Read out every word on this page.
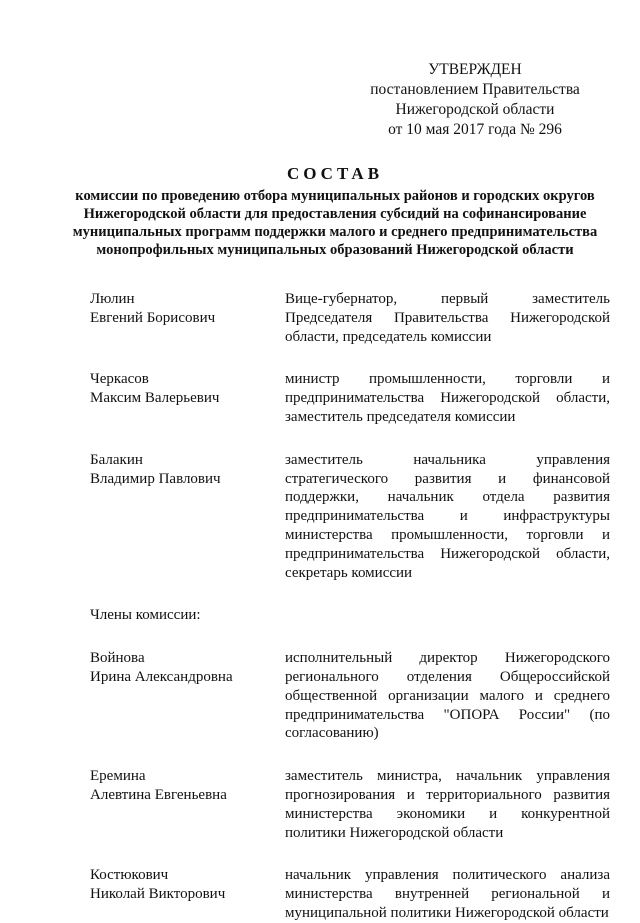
УТВЕРЖДЕН
постановлением Правительства
Нижегородской области
от 10 мая 2017 года № 296
СОСТАВ
комиссии по проведению отбора муниципальных районов и городских округов Нижегородской области для предоставления субсидий на софинансирование муниципальных программ поддержки малого и среднего предпринимательства монопрофильных муниципальных образований Нижегородской области
Люлин
Евгений Борисович
Вице-губернатор, первый заместитель Председателя Правительства Нижегородской области, председатель комиссии
Черкасов
Максим Валерьевич
министр промышленности, торговли и предпринимательства Нижегородской области, заместитель председателя комиссии
Балакин
Владимир Павлович
заместитель начальника управления стратегического развития и финансовой поддержки, начальник отдела развития предпринимательства и инфраструктуры министерства промышленности, торговли и предпринимательства Нижегородской области, секретарь комиссии
Члены комиссии:
Войнова
Ирина Александровна
исполнительный директор Нижегородского регионального отделения Общероссийской общественной организации малого и среднего предпринимательства "ОПОРА России" (по согласованию)
Еремина
Алевтина Евгеньевна
заместитель министра, начальник управления прогнозирования и территориального развития министерства экономики и конкурентной политики Нижегородской области
Костюкович
Николай Викторович
начальник управления политического анализа министерства внутренней региональной и муниципальной политики Нижегородской области
